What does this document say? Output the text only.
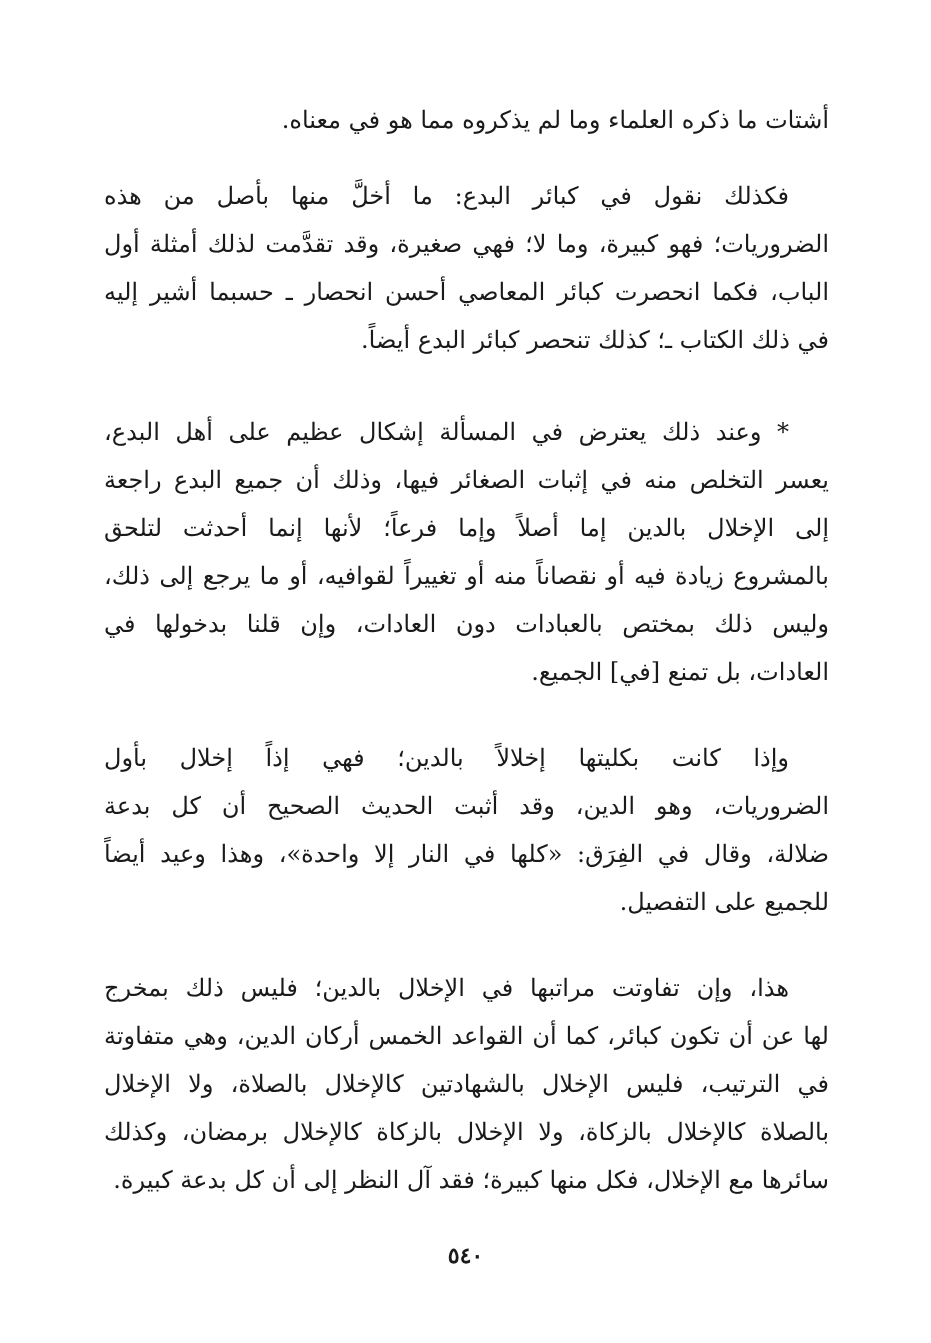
أشتات ما ذكره العلماء وما لم يذكروه مما هو في معناه.
فكذلك نقول في كبائر البدع: ما أخلَّ منها بأصل من هذه
الضروريات؛ فهو كبيرة، وما لا؛ فهي صغيرة، وقد تقدَّمت لذلك أمثلة أول
الباب، فكما انحصرت كبائر المعاصي أحسن انحصار ـ حسبما أشير إليه
في ذلك الكتاب ـ؛ كذلك تنحصر كبائر البدع أيضاً.
* وعند ذلك يعترض في المسألة إشكال عظيم على أهل البدع،
يعسر التخلص منه في إثبات الصغائر فيها، وذلك أن جميع البدع راجعة
إلى الإخلال بالدين إما أصلاً وإما فرعاً؛ لأنها إنما أحدثت لتلحق
بالمشروع زيادة فيه أو نقصاناً منه أو تغييراً لقوافيه، أو ما يرجع إلى ذلك،
وليس ذلك بمختص بالعبادات دون العادات، وإن قلنا بدخولها في
العادات، بل تمنع [في] الجميع.
وإذا كانت بكليتها إخلالاً بالدين؛ فهي إذاً إخلال بأول
الضروريات، وهو الدين، وقد أثبت الحديث الصحيح أن كل بدعة
ضلالة، وقال في الفِرَق: «كلها في النار إلا واحدة»، وهذا وعيد أيضاً
للجميع على التفصيل.
هذا، وإن تفاوتت مراتبها في الإخلال بالدين؛ فليس ذلك بمخرج
لها عن أن تكون كبائر، كما أن القواعد الخمس أركان الدين، وهي متفاوتة
في الترتيب، فليس الإخلال بالشهادتين كالإخلال بالصلاة، ولا الإخلال
بالصلاة كالإخلال بالزكاة، ولا الإخلال بالزكاة كالإخلال برمضان، وكذلك
سائرها مع الإخلال، فكل منها كبيرة؛ فقد آل النظر إلى أن كل بدعة كبيرة.
٥٤٠
